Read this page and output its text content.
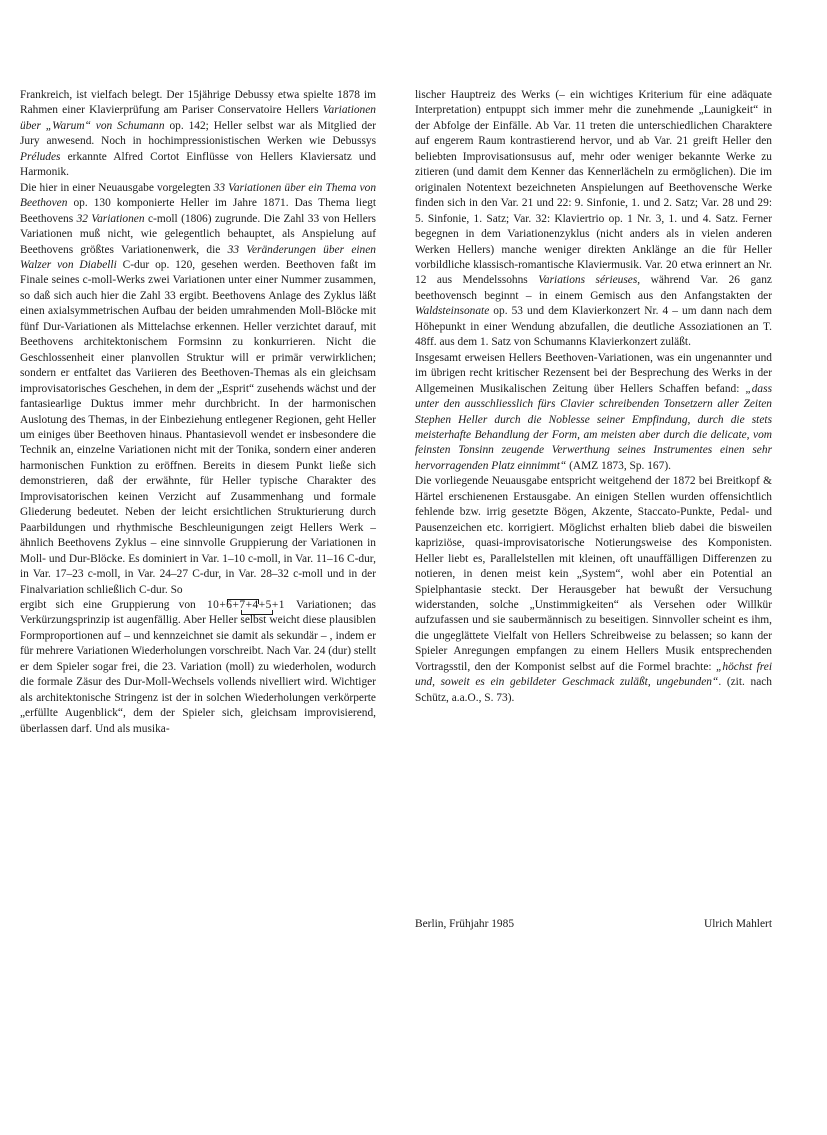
Frankreich, ist vielfach belegt. Der 15jährige Debussy etwa spielte 1878 im Rahmen einer Klavierprüfung am Pariser Conservatoire Hellers Variationen über „Warum“ von Schumann op. 142; Heller selbst war als Mitglied der Jury anwesend. Noch in hochimpressionistischen Werken wie Debussys Préludes erkannte Alfred Cortot Einflüsse von Hellers Klaviersatz und Harmonik.

Die hier in einer Neuausgabe vorgelegten 33 Variationen über ein Thema von Beethoven op. 130 komponierte Heller im Jahre 1871. Das Thema liegt Beethovens 32 Variationen c-moll (1806) zugrunde. Die Zahl 33 von Hellers Variationen muß nicht, wie gelegentlich behauptet, als Anspielung auf Beethovens größtes Variationenwerk, die 33 Veränderungen über einen Walzer von Diabelli C-dur op. 120, gesehen werden. Beethoven faßt im Finale seines c-moll-Werks zwei Variationen unter einer Nummer zusammen, so daß sich auch hier die Zahl 33 ergibt. Beethovens Anlage des Zyklus läßt einen axialsymmetrischen Aufbau der beiden umrahmenden Moll-Blöcke mit fünf Dur-Variationen als Mittelachse erkennen. Heller verzichtet darauf, mit Beethovens architektonischem Formsinn zu konkurrieren. Nicht die Geschlossenheit einer planvollen Struktur will er primär verwirklichen; sondern er entfaltet das Variieren des Beethoven-Themas als ein gleichsam improvisatorisches Geschehen, in dem der „Esprit“ zusehends wächst und der fantasiearlige Duktus immer mehr durchbricht. In der harmonischen Auslotung des Themas, in der Einbeziehung entlegener Regionen, geht Heller um einiges über Beethoven hinaus. Phantasievoll wendet er insbesondere die Technik an, einzelne Variationen nicht mit der Tonika, sondern einer anderen harmonischen Funktion zu eröffnen. Bereits in diesem Punkt ließe sich demonstrieren, daß der erwähnte, für Heller typische Charakter des Improvisatorischen keinen Verzicht auf Zusammenhang und formale Gliederung bedeutet. Neben der leicht ersichtlichen Strukturierung durch Paarbildungen und rhythmische Beschleunigungen zeigt Hellers Werk – ähnlich Beethovens Zyklus – eine sinnvolle Gruppierung der Variationen in Moll- und Dur-Blöcke. Es dominiert in Var. 1–10 c-moll, in Var. 11–16 C-dur, in Var. 17–23 c-moll, in Var. 24–27 C-dur, in Var. 28–32 c-moll und in der Finalvariation schließlich C-dur. So
ergibt sich eine Gruppierung von
10+6+7+4+5+1
Variationen; das Verkürzungsprinzip ist augenfällig. Aber Heller selbst weicht diese plausiblen Formproportionen auf – und kennzeichnet sie damit als sekundär – , indem er für mehrere Variationen Wiederholungen vorschreibt. Nach Var. 24 (dur) stellt er dem Spieler sogar frei, die 23. Variation (moll) zu wiederholen, wodurch die formale Zäsur des Dur-Moll-Wechsels vollends nivelliert wird. Wichtiger als architektonische Stringenz ist der in solchen Wiederholungen verkörperte „erfüllte Augenblick“, dem der Spieler sich, gleichsam improvisierend, überlassen darf. Und als musika-

lischer Hauptreiz des Werks (– ein wichtiges Kriterium für eine adäquate Interpretation) entpuppt sich immer mehr die zunehmende „Launigkeit“ in der Abfolge der Einfälle. Ab Var. 11 treten die unterschiedlichen Charaktere auf engerem Raum kontrastierend hervor, und ab Var. 21 greift Heller den beliebten Improvisationsusus auf, mehr oder weniger bekannte Werke zu zitieren (und damit dem Kenner das Kennerlächeln zu ermöglichen). Die im originalen Notentext bezeichneten Anspielungen auf Beethovensche Werke finden sich in den Var. 21 und 22: 9. Sinfonie, 1. und 2. Satz; Var. 28 und 29: 5. Sinfonie, 1. Satz; Var. 32: Klaviertrio op. 1 Nr. 3, 1. und 4. Satz. Ferner begegnen in dem Variationenzyklus (nicht anders als in vielen anderen Werken Hellers) manche weniger direkten Anklänge an die für Heller vorbildliche klassisch-romantische Klaviermusik. Var. 20 etwa erinnert an Nr. 12 aus Mendelssohns Variations sérieuses, während Var. 26 ganz beethovensch beginnt – in einem Gemisch aus den Anfangstakten der Waldsteinsonate op. 53 und dem Klavierkonzert Nr. 4 – um dann nach dem Höhepunkt in einer Wendung abzufallen, die deutliche Assoziationen an T. 48ff. aus dem 1. Satz von Schumanns Klavierkonzert zuläßt.

Insgesamt erweisen Hellers Beethoven-Variationen, was ein ungenannter und im übrigen recht kritischer Rezensent bei der Besprechung des Werks in der Allgemeinen Musikalischen Zeitung über Hellers Schaffen befand: „dass unter den ausschliesslich fürs Clavier schreibenden Tonsetzern aller Zeiten Stephen Heller durch die Noblesse seiner Empfindung, durch die stets meisterhafte Behandlung der Form, am meisten aber durch die delicate, vom feinsten Tonsinn zeugende Verwerthung seines Instrumentes einen sehr hervorragenden Platz einnimmt“ (AMZ 1873, Sp. 167).

Die vorliegende Neuausgabe entspricht weitgehend der 1872 bei Breitkopf & Härtel erschienenen Erstausgabe. An einigen Stellen wurden offensichtlich fehlende bzw. irrig gesetzte Bögen, Akzente, Staccato-Punkte, Pedal- und Pausenzeichen etc. korrigiert. Möglichst erhalten blieb dabei die bisweilen kapriziöse, quasi-improvisatorische Notierungsweise des Komponisten. Heller liebt es, Parallelstellen mit kleinen, oft unauffälligen Differenzen zu notieren, in denen meist kein „System“, wohl aber ein Potential an Spielphantasie steckt. Der Herausgeber hat bewußt der Versuchung widerstanden, solche „Unstimmigkeiten“ als Versehen oder Willkür aufzufassen und sie saubermännisch zu beseitigen. Sinnvoller scheint es ihm, die ungeglättete Vielfalt von Hellers Schreibweise zu belassen; so kann der Spieler Anregungen empfangen zu einem Hellers Musik entsprechenden Vortragsstil, den der Komponist selbst auf die Formel brachte: „höchst frei und, soweit es ein gebildeter Geschmack zuläßt, ungebunden“. (zit. nach Schütz, a.a.O., S. 73).

Berlin, Frühjahr 1985	Ulrich Mahlert
